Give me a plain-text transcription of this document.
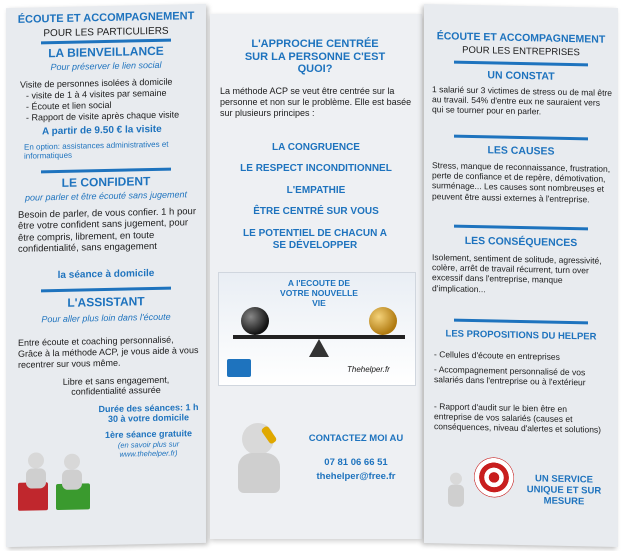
ÉCOUTE ET ACCOMPAGNEMENT
POUR LES PARTICULIERS
LA BIENVEILLANCE
Pour préserver le lien social
Visite de personnes isolées à domicile
- visite de 1 à 4 visites par semaine
- Écoute et lien social
- Rapport de visite après chaque visite
A partir de 9.50 € la visite
En option: assistances administratives et informatiques
LE CONFIDENT
pour parler et être écouté sans jugement
Besoin de parler, de vous confier. 1 h pour être votre confident sans jugement, pour être compris, librement, en toute confidentialité, sans engagement
la séance à domicile
L'ASSISTANT
Pour aller plus loin dans l'écoute
Entre écoute et coaching personnalisé, Grâce à la méthode ACP, je vous aide à vous recentrer sur vous même.
Libre et sans engagement, confidentialité assurée
Durée des séances: 1 h 30 à votre domicile
1ère séance gratuite
(en savoir plus sur www.thehelper.fr)
L'APPROCHE CENTRÉE SUR LA PERSONNE C'EST QUOI?
La méthode ACP se veut être centrée sur la personne et non sur le problème. Elle est basée sur plusieurs principes :
LA CONGRUENCE
LE RESPECT INCONDITIONNEL
L'EMPATHIE
ÊTRE CENTRÉ SUR VOUS
LE POTENTIEL DE CHACUN A SE DÉVELOPPER
A l'ECOUTE DE VOTRE NOUVELLE VIE
Thehelper.fr
CONTACTEZ MOI AU
07 81 06 66 51
thehelper@free.fr
ÉCOUTE ET ACCOMPAGNEMENT
POUR LES ENTREPRISES
UN CONSTAT
1 salarié sur 3 victimes de stress ou de mal être au travail. 54% d'entre eux ne sauraient vers qui se tourner pour en parler.
LES CAUSES
Stress, manque de reconnaissance, frustration, perte de confiance et de repère, démotivation, surménage... Les causes sont nombreuses et peuvent être aussi externes à l'entreprise.
LES CONSÉQUENCES
Isolement, sentiment de solitude, agressivité, colère, arrêt de travail récurrent, turn over excessif dans l'entreprise, manque d'implication...
LES PROPOSITIONS DU HELPER
- Cellules d'écoute en entreprises
- Accompagnement personnalisé de vos salariés dans l'entreprise ou à l'extérieur
- Rapport d'audit sur le bien être en entreprise de vos salariés (causes et conséquences, niveau d'alertes et solutions)
UN SERVICE UNIQUE ET SUR MESURE
